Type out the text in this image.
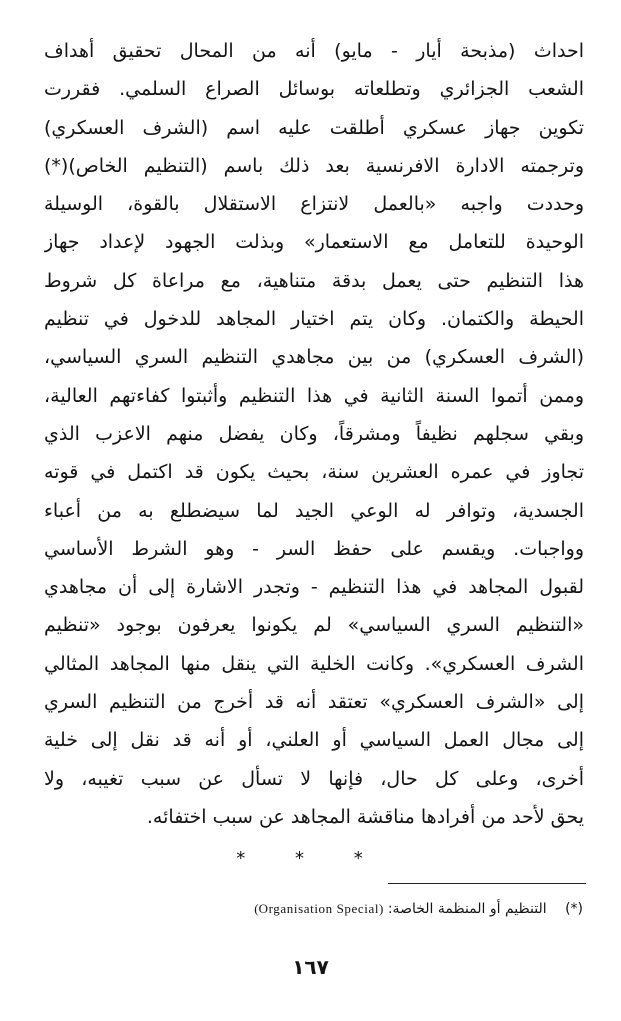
احداث (مذبحة أيار - مايو) أنه من المحال تحقيق أهداف
الشعب الجزائري وتطلعاته بوسائل الصراع السلمي. فقررت
تكوين جهاز عسكري أطلقت عليه اسم (الشرف العسكري)
وترجمته الادارة الافرنسية بعد ذلك باسم (التنظيم الخاص)(*)
وحددت واجبه «بالعمل لانتزاع الاستقلال بالقوة، الوسيلة
الوحيدة للتعامل مع الاستعمار» وبذلت الجهود لإعداد جهاز
هذا التنظيم حتى يعمل بدقة متناهية، مع مراعاة كل شروط
الحيطة والكتمان. وكان يتم اختيار المجاهد للدخول في تنظيم
(الشرف العسكري) من بين مجاهدي التنظيم السري السياسي،
وممن أتموا السنة الثانية في هذا التنظيم وأثبتوا كفاءتهم العالية،
وبقي سجلهم نظيفاً ومشرقاً، وكان يفضل منهم الاعزب الذي
تجاوز في عمره العشرين سنة، بحيث يكون قد اكتمل في قوته
الجسدية، وتوافر له الوعي الجيد لما سيضطلع به من أعباء
وواجبات. ويقسم على حفظ السر - وهو الشرط الأساسي
لقبول المجاهد في هذا التنظيم - وتجدر الاشارة إلى أن مجاهدي
«التنظيم السري السياسي» لم يكونوا يعرفون بوجود «تنظيم
الشرف العسكري». وكانت الخلية التي ينقل منها المجاهد المثالي
إلى «الشرف العسكري» تعتقد أنه قد أخرج من التنظيم السري
إلى مجال العمل السياسي أو العلني، أو أنه قد نقل إلى خلية
أخرى، وعلى كل حال، فإنها لا تسأل عن سبب تغيبه، ولا
يحق لأحد من أفرادها مناقشة المجاهد عن سبب اختفائه.
* * *
(*) التنظيم أو المنظمة الخاصة: (Organisation Special)
١٦٧
